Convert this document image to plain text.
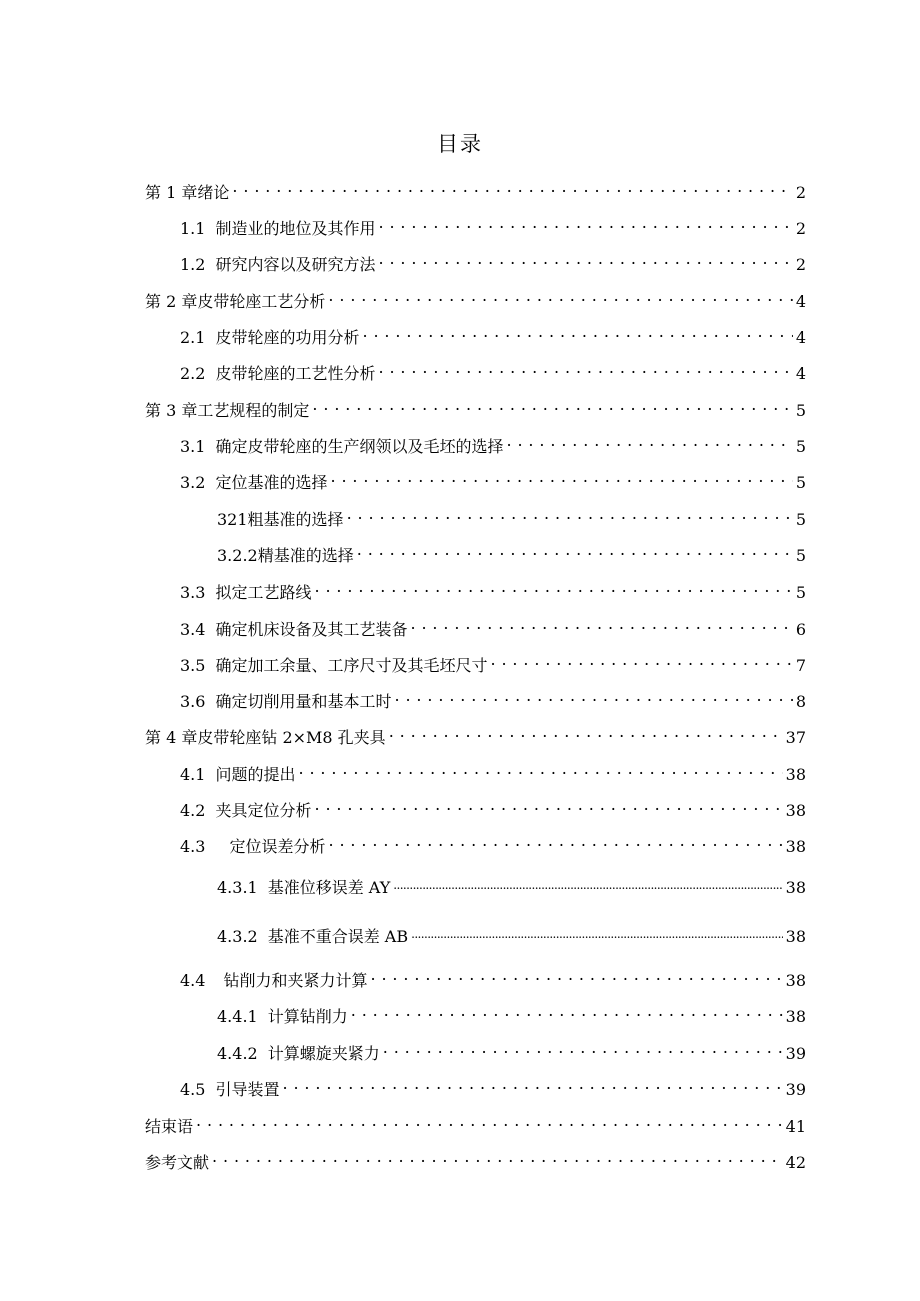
目录
第 1 章 绪论 . . .	2
1.1 制造业的地位及其作用 . . .	2
1.2 研究内容以及研究方法 . . .	2
第 2 章 皮带轮座工艺分析 . . .	4
2.1 皮带轮座的功用分析 . . .	4
2.2 皮带轮座的工艺性分析 . . .	4
第 3 章 工艺规程的制定 . . .	5
3.1 确定皮带轮座的生产纲领以及毛坯的选择 . . .	5
3.2 定位基准的选择 . . .	5
321 粗基准的选择 . . .	5
3.2.2 精基准的选择 . . .	5
3.3 拟定工艺路线 . . .	5
3.4 确定机床设备及其工艺装备 . . .	6
3.5 确定加工余量、工序尺寸及其毛坯尺寸 . . .	7
3.6 确定切削用量和基本工时 . . .	8
第 4 章 皮带轮座钻 2×M8 孔夹具 . . .	37
4.1 问题的提出 . . .	38
4.2 夹具定位分析 . . .	38
4.3 定位误差分析 . . .	38
4.3.1 基准位移误差 AY .....	38
4.3.2 基准不重合误差 AB .....	38
4.4 钻削力和夹紧力计算 . . .	38
4.4.1 计算钻削力 . . .	38
4.4.2 计算螺旋夹紧力 . . .	39
4.5 引导装置 . . .	39
结束语 . . .	41
参考文献 . . .	42
